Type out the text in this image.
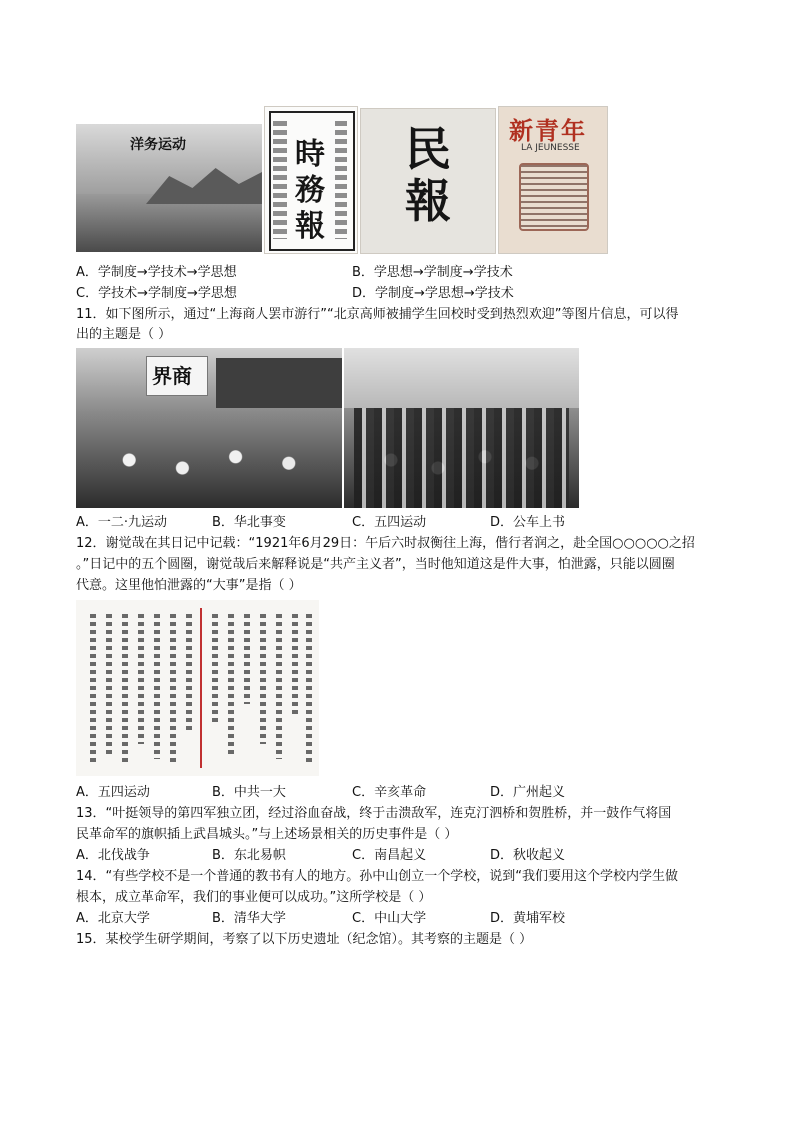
洋务运动	時務報
民報
新青年
LA JEUNESSE
A．学制度→学技术→学思想	B．学思想→学制度→学技术
C．学技术→学制度→学思想	D．学制度→学思想→学技术
11．如下图所示，通过“上海商人罢市游行”“北京高师被捕学生回校时受到热烈欢迎”等图片信息，可以得
出的主题是（ ）
界商
A．一二·九运动	B．华北事变	C．五四运动	D．公车上书
12．谢觉哉在其日记中记载：“1921年6月29日：午后六时叔衡往上海，偕行者润之，赴全国○○○○○之招
。”日记中的五个圆圈，谢觉哉后来解释说是“共产主义者”，当时他知道这是件大事，怕泄露，只能以圆圈
代意。这里他怕泄露的“大事”是指（ ）
A．五四运动	B．中共一大	C．辛亥革命	D．广州起义
13．“叶挺领导的第四军独立团，经过浴血奋战，终于击溃敌军，连克汀泗桥和贺胜桥，并一鼓作气将国
民革命军的旗帜插上武昌城头。”与上述场景相关的历史事件是（ ）
A．北伐战争	B．东北易帜	C．南昌起义	D．秋收起义
14．“有些学校不是一个普通的教书有人的地方。孙中山创立一个学校，说到“我们要用这个学校内学生做
根本，成立革命军，我们的事业便可以成功。”这所学校是（ ）
A．北京大学	B．清华大学	C．中山大学	D．黄埔军校
15．某校学生研学期间，考察了以下历史遗址（纪念馆）。其考察的主题是（ ）
